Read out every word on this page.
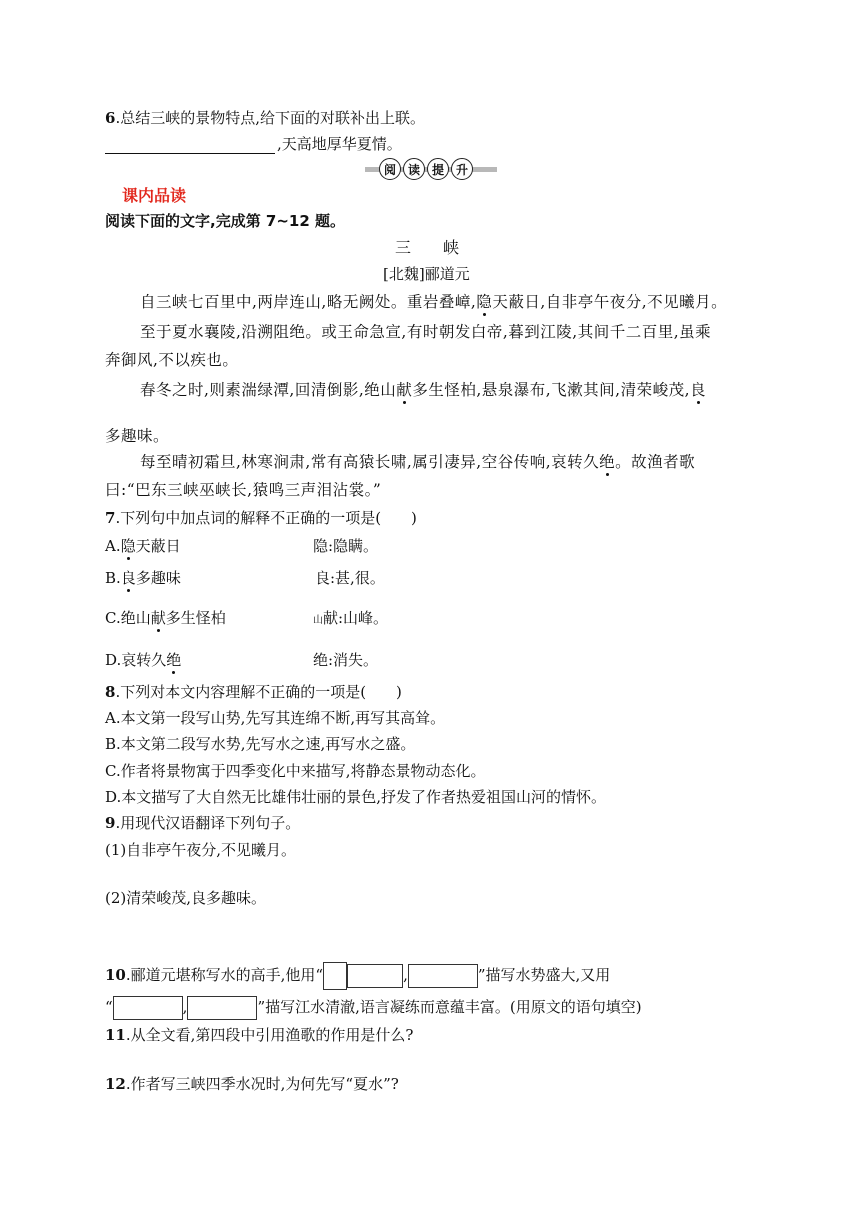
6.总结三峡的景物特点,给下面的对联补出上联。
,天高地厚华夏情。
阅 读 提 升
课内品读
阅读下面的文字,完成第 7~12 题。
三　　峡
[北魏]郦道元
自三峡七百里中,两岸连山,略无阙处。重岩叠嶂,隐天蔽日,自非亭午夜分,不见曦月。
至于夏水襄陵,沿溯阻绝。或王命急宣,有时朝发白帝,暮到江陵,其间千二百里,虽乘
奔御风,不以疾也。
春冬之时,则素湍绿潭,回清倒影,绝山献多生怪柏,悬泉瀑布,飞漱其间,清荣峻茂,良
多趣味。
每至晴初霜旦,林寒涧肃,常有高猿长啸,属引凄异,空谷传响,哀转久绝。故渔者歌
曰:“巴东三峡巫峡长,猿鸣三声泪沾裳。”
7.下列句中加点词的解释不正确的一项是(　　)
A.隐天蔽日	隐:隐瞒。
B.良多趣味	良:甚,很。
C.绝山献多生怪柏	山献:山峰。
D.哀转久绝	绝:消失。
8.下列对本文内容理解不正确的一项是(　　)
A.本文第一段写山势,先写其连绵不断,再写其高耸。
B.本文第二段写水势,先写水之速,再写水之盛。
C.作者将景物寓于四季变化中来描写,将静态景物动态化。
D.本文描写了大自然无比雄伟壮丽的景色,抒发了作者热爱祖国山河的情怀。
9.用现代汉语翻译下列句子。
(1)自非亭午夜分,不见曦月。
(2)清荣峻茂,良多趣味。
10.郦道元堪称写水的高手,他用“	,	”描写水势盛大,又用
“	,	”描写江水清澈,语言凝练而意蕴丰富。(用原文的语句填空)
11.从全文看,第四段中引用渔歌的作用是什么?
12.作者写三峡四季水况时,为何先写“夏水”?
